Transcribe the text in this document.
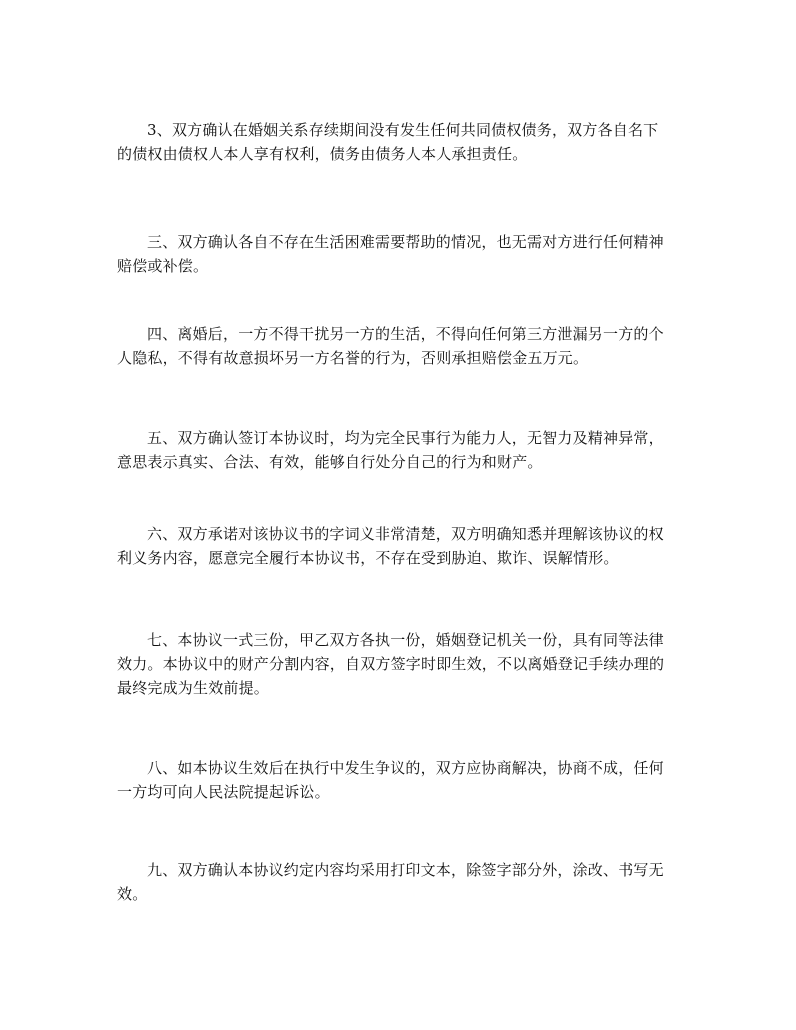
3、双方确认在婚姻关系存续期间没有发生任何共同债权债务，双方各自名下
的债权由债权人本人享有权利，债务由债务人本人承担责任。

三、双方确认各自不存在生活困难需要帮助的情况，也无需对方进行任何精神
赔偿或补偿。

四、离婚后，一方不得干扰另一方的生活，不得向任何第三方泄漏另一方的个
人隐私，不得有故意损坏另一方名誉的行为，否则承担赔偿金五万元。

五、双方确认签订本协议时，均为完全民事行为能力人，无智力及精神异常，
意思表示真实、合法、有效，能够自行处分自己的行为和财产。

六、双方承诺对该协议书的字词义非常清楚，双方明确知悉并理解该协议的权
利义务内容，愿意完全履行本协议书，不存在受到胁迫、欺诈、误解情形。

七、本协议一式三份，甲乙双方各执一份，婚姻登记机关一份，具有同等法律
效力。本协议中的财产分割内容，自双方签字时即生效，不以离婚登记手续办理的
最终完成为生效前提。

八、如本协议生效后在执行中发生争议的，双方应协商解决，协商不成，任何
一方均可向人民法院提起诉讼。

九、双方确认本协议约定内容均采用打印文本，除签字部分外，涂改、书写无
效。
